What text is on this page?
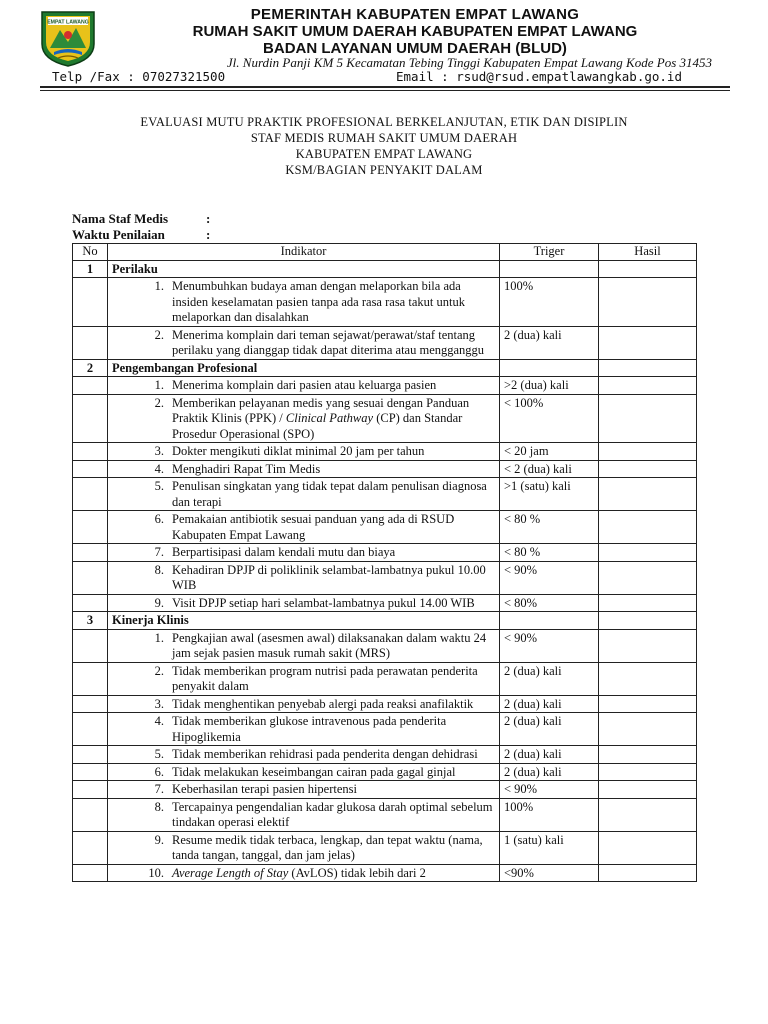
EMPAT LAWANG	PEMERINTAH KABUPATEN EMPAT LAWANG
RUMAH SAKIT UMUM DAERAH KABUPATEN EMPAT LAWANG
BADAN LAYANAN UMUM DAERAH (BLUD)
Jl. Nurdin Panji KM 5 Kecamatan Tebing Tinggi Kabupaten Empat Lawang Kode Pos 31453
Telp /Fax : 07027321500	Email : rsud@rsud.empatlawangkab.go.id
EVALUASI MUTU PRAKTIK PROFESIONAL BERKELANJUTAN, ETIK DAN DISIPLIN
STAF MEDIS RUMAH SAKIT UMUM DAERAH
KABUPATEN EMPAT LAWANG
KSM/BAGIAN PENYAKIT DALAM
Nama Staf Medis	:
Waktu Penilaian	:
No	Indikator	Triger	Hasil
1	Perilaku		

	1. Menumbuhkan budaya aman dengan melaporkan bila ada insiden keselamatan pasien tanpa ada rasa rasa takut untuk melaporkan dan disalahkan	100%	

	2. Menerima komplain dari teman sejawat/perawat/staf tentang perilaku yang dianggap tidak dapat diterima atau mengganggu	2 (dua) kali	
2	Pengembangan Profesional		

	1. Menerima komplain dari pasien atau keluarga pasien	>2 (dua) kali	

	2. Memberikan pelayanan medis yang sesuai dengan Panduan Praktik Klinis (PPK) / Clinical Pathway (CP) dan Standar Prosedur Operasional (SPO)	< 100%	

	3. Dokter mengikuti diklat minimal 20 jam per tahun	< 20 jam	

	4. Menghadiri Rapat Tim Medis	< 2 (dua) kali	

	5. Penulisan singkatan yang tidak tepat dalam penulisan diagnosa dan terapi	>1 (satu) kali	

	6. Pemakaian antibiotik sesuai panduan yang ada di RSUD Kabupaten Empat Lawang	< 80 %	

	7. Berpartisipasi dalam kendali mutu dan biaya	< 80 %	

	8. Kehadiran DPJP di poliklinik selambat-lambatnya pukul 10.00 WIB	< 90%	

	9. Visit DPJP setiap hari selambat-lambatnya pukul 14.00 WIB	< 80%	
3	Kinerja Klinis		

	1. Pengkajian awal (asesmen awal) dilaksanakan dalam waktu 24 jam sejak pasien masuk rumah sakit (MRS)	< 90%	

	2. Tidak memberikan program nutrisi pada perawatan penderita penyakit dalam	2 (dua) kali	

	3. Tidak menghentikan penyebab alergi pada reaksi anafilaktik	2 (dua) kali	

	4. Tidak memberikan glukose intravenous pada penderita Hipoglikemia	2 (dua) kali	

	5. Tidak memberikan rehidrasi pada penderita dengan dehidrasi	2 (dua) kali	

	6. Tidak melakukan keseimbangan cairan pada gagal ginjal	2 (dua) kali	

	7. Keberhasilan terapi pasien hipertensi	< 90%	

	8. Tercapainya pengendalian kadar glukosa darah optimal sebelum tindakan operasi elektif	100%	

	9. Resume medik tidak terbaca, lengkap, dan tepat waktu (nama, tanda tangan, tanggal, dan jam jelas)	1 (satu) kali	

	10. Average Length of Stay (AvLOS) tidak lebih dari 2	<90%	
